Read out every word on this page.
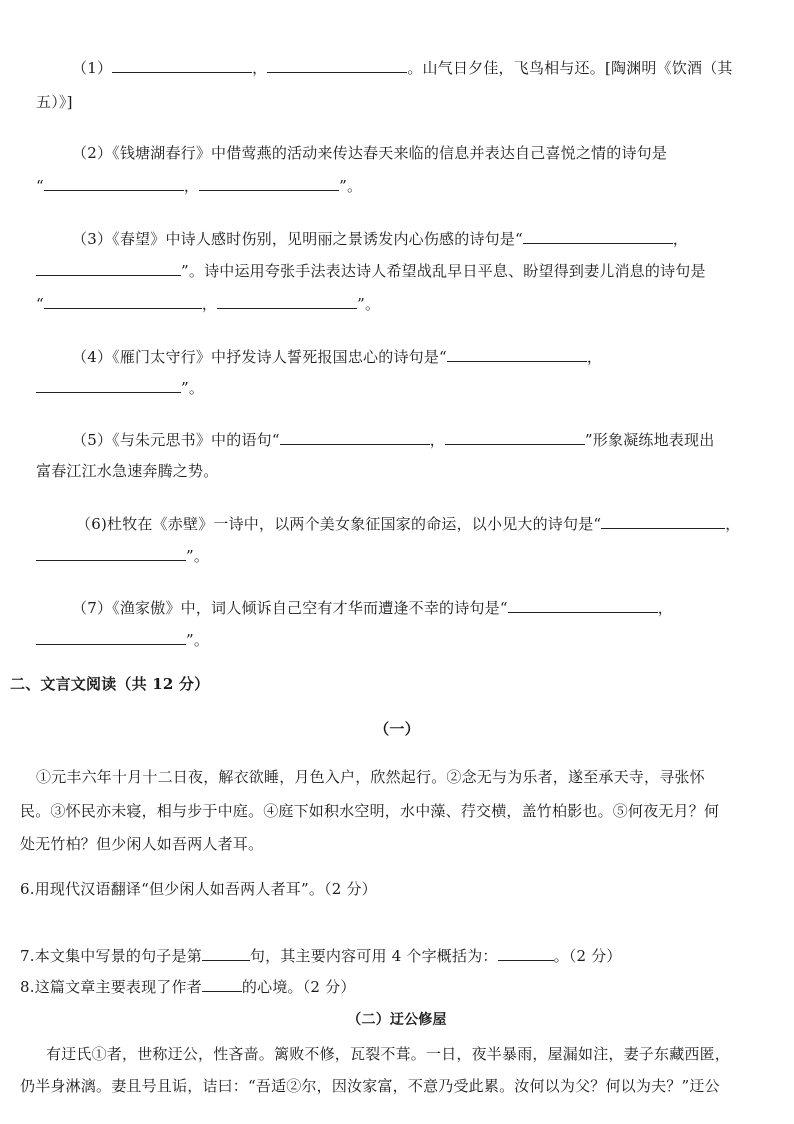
（1）	，	。山气日夕佳，飞鸟相与还。[陶渊明《饮酒（其
五）》]
（2）《钱塘湖春行》中借莺燕的活动来传达春天来临的信息并表达自己喜悦之情的诗句是
“	，	”。
（3）《春望》中诗人感时伤别，见明丽之景诱发内心伤感的诗句是“	，
”。诗中运用夸张手法表达诗人希望战乱早日平息、盼望得到妻儿消息的诗句是
“	，	”。
（4）《雁门太守行》中抒发诗人誓死报国忠心的诗句是“	，
”。
（5）《与朱元思书》中的语句“	，	”形象凝练地表现出
富春江江水急速奔腾之势。
（6)杜牧在《赤壁》一诗中，以两个美女象征国家的命运，以小见大的诗句是“	，
”。
（7）《渔家傲》中，词人倾诉自己空有才华而遭逢不幸的诗句是“	，
”。
二、文言文阅读（共 12 分）
（一）
①元丰六年十月十二日夜，解衣欲睡，月色入户，欣然起行。②念无与为乐者，遂至承天寺，寻张怀
民。③怀民亦未寝，相与步于中庭。④庭下如积水空明，水中藻、荇交横，盖竹柏影也。⑤何夜无月？何
处无竹柏？但少闲人如吾两人者耳。
6.用现代汉语翻译“但少闲人如吾两人者耳”。（2 分）
7.本文集中写景的句子是第	句，其主要内容可用 4 个字概括为：	。（2 分）
8.这篇文章主要表现了作者	的心境。（2 分）
（二）迂公修屋
有迂氏①者，世称迂公，性吝啬。篱败不修，瓦裂不葺。一日，夜半暴雨，屋漏如注，妻子东藏西匿，
仍半身淋漓。妻且号且诟，诘曰：“吾适②尔，因汝家富，不意乃受此累。汝何以为父？何以为夫？”迂公
